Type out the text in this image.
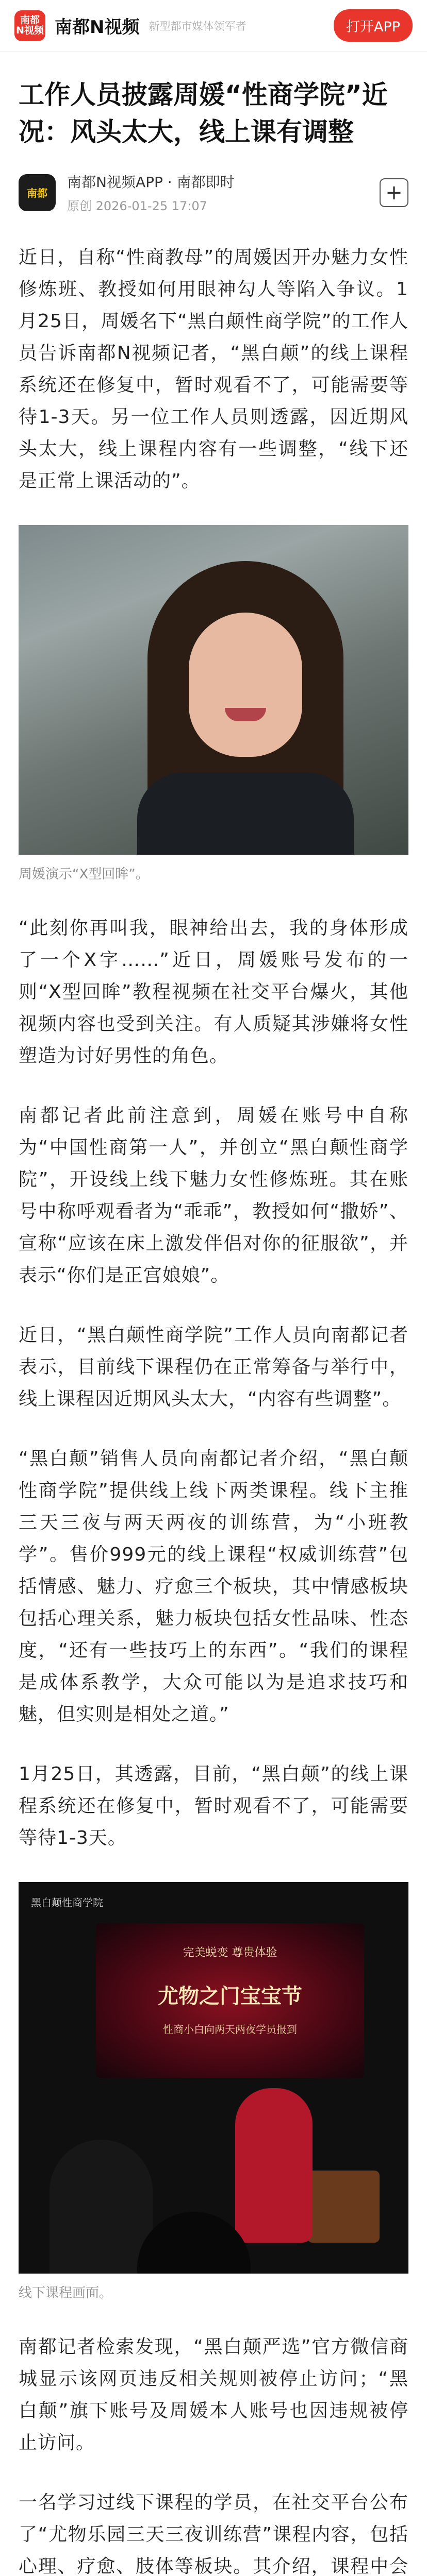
南都
N视频 南都N视频 新型都市媒体领军者	打开APP
工作人员披露周媛“性商学院”近况：风头太大，线上课有调整
南都
南都N视频APP · 南都即时
原创 2026-01-25 17:07
+

近日，自称“性商教母”的周媛因开办魅力女性修炼班、教授如何用眼神勾人等陷入争议。1月25日，周媛名下“黑白颠性商学院”的工作人员告诉南都N视频记者，“黑白颠”的线上课程系统还在修复中，暂时观看不了，可能需要等待1-3天。另一位工作人员则透露，因近期风头太大，线上课程内容有一些调整，“线下还是正常上课活动的”。

周媛演示“X型回眸”。

“此刻你再叫我，眼神给出去，我的身体形成了一个X字……”近日，周媛账号发布的一则“X型回眸”教程视频在社交平台爆火，其他视频内容也受到关注。有人质疑其涉嫌将女性塑造为讨好男性的角色。

南都记者此前注意到，周媛在账号中自称为“中国性商第一人”，并创立“黑白颠性商学院”，开设线上线下魅力女性修炼班。其在账号中称呼观看者为“乖乖”，教授如何“撒娇”、宣称“应该在床上激发伴侣对你的征服欲”，并表示“你们是正宫娘娘”。

近日，“黑白颠性商学院”工作人员向南都记者表示，目前线下课程仍在正常筹备与举行中，线上课程因近期风头太大，“内容有些调整”。

“黑白颠”销售人员向南都记者介绍，“黑白颠性商学院”提供线上线下两类课程。线下主推三天三夜与两天两夜的训练营，为“小班教学”。售价999元的线上课程“权威训练营”包括情感、魅力、疗愈三个板块，其中情感板块包括心理关系，魅力板块包括女性品味、性态度，“还有一些技巧上的东西”。“我们的课程是成体系教学，大众可能以为是追求技巧和魅，但实则是相处之道。”

1月25日，其透露，目前，“黑白颠”的线上课程系统还在修复中，暂时观看不了，可能需要等待1-3天。

黑白颠性商学院
完美蜕变 尊贵体验
尤物之门宝宝节
性商小白向两天两夜学员报到
线下课程画面。

南都记者检索发现，“黑白颠严选”官方微信商城显示该网页违反相关规则被停止访问；“黑白颠”旗下账号及周媛本人账号也因违规被停止访问。

一名学习过线下课程的学员，在社交平台公布了“尤物乐园三天三夜训练营”课程内容，包括心理、疗愈、肢体等板块。其介绍，课程中会
